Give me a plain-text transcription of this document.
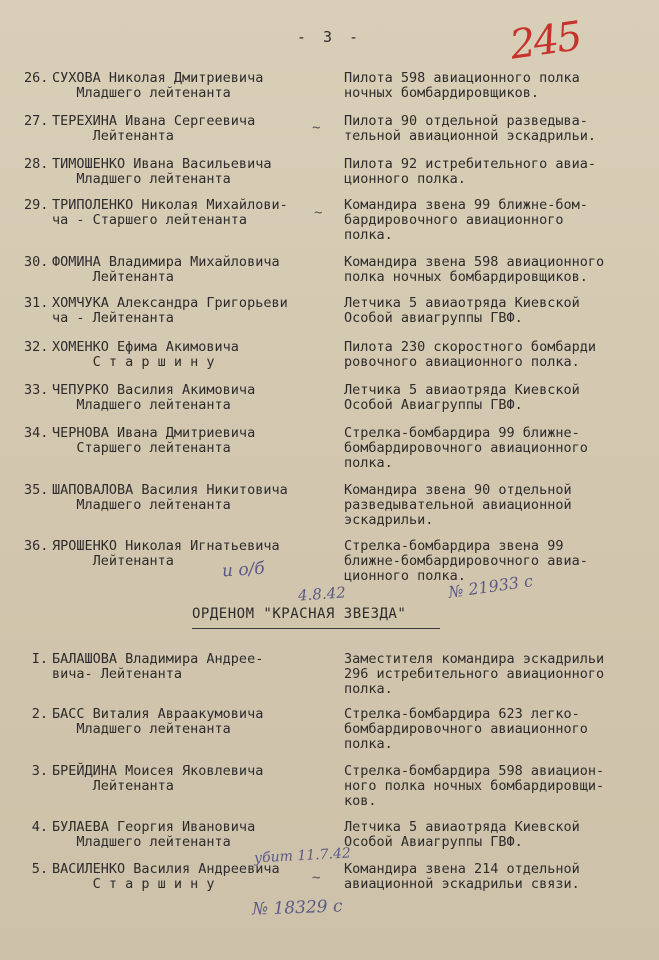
- 3 -	245
26. СУХОВА Николая Дмитриевича
Младшего лейтенанта
Пилота 598 авиационного полка
ночных бомбардировщиков.
27. ТЕРЕХИНА Ивана Сергеевича
Лейтенанта
Пилота 90 отдельной разведыва-
тельной авиационной эскадрильи.
28. ТИМОШЕНКО Ивана Васильевича
Младшего лейтенанта
Пилота 92 истребительного авиа-
ционного полка.
29. ТРИПОЛЕНКО Николая Михайлови-
ча - Старшего лейтенанта
Командира звена 99 ближне-бом-
бардировочного авиационного
полка.
30. ФОМИНА Владимира Михайловича
Лейтенанта
Командира звена 598 авиационного
полка ночных бомбардировщиков.
31. ХОМЧУКА Александра Григорьеви
ча - Лейтенанта
Летчика 5 авиаотряда Киевской
Особой авиагруппы ГВФ.
32. ХОМЕНКО Ефима Акимовича
С т а р ш и н у
Пилота 230 скоростного бомбарди
ровочного авиационного полка.
33. ЧЕПУРКО Василия Акимовича
Младшего лейтенанта
Летчика 5 авиаотряда Киевской
Особой Авиагруппы ГВФ.
34. ЧЕРНОВА Ивана Дмитриевича
Старшего лейтенанта
Стрелка-бомбардира 99 ближне-
бомбардировочного авиационного
полка.
35. ШАПОВАЛОВА Василия Никитовича
Младшего лейтенанта
Командира звена 90 отдельной
разведывательной авиационной
эскадрильи.
36. ЯРОШЕНКО Николая Игнатьевича
Лейтенанта
Стрелка-бомбардира звена 99
ближне-бомбардировочного авиа-
ционного полка.
и о/б
4.8.42	№ 21933 с
ОРДЕНОМ "КРАСНАЯ ЗВЕЗДА"
I. БАЛАШОВА Владимира Андрее-
вича- Лейтенанта
Заместителя командира эскадрильи
296 истребительного авиационного
полка.
2. БАСС Виталия Авраакумовича
Младшего лейтенанта
Стрелка-бомбардира 623 легко-
бомбардировочного авиационного
полка.
3. БРЕЙДИНА Моисея Яковлевича
Лейтенанта
Стрелка-бомбардира 598 авиацион-
ного полка ночных бомбардировщи-
ков.
4. БУЛАЕВА Георгия Ивановича
Младшего лейтенанта
Летчика 5 авиаотряда Киевской
Особой Авиагруппы ГВФ.
5. ВАСИЛЕНКО Василия Андреевича
С т а р ш и н у
Командира звена 214 отдельной
авиационной эскадрильи связи.
убит 11.7.42
№ 18329 с
~
~
~
